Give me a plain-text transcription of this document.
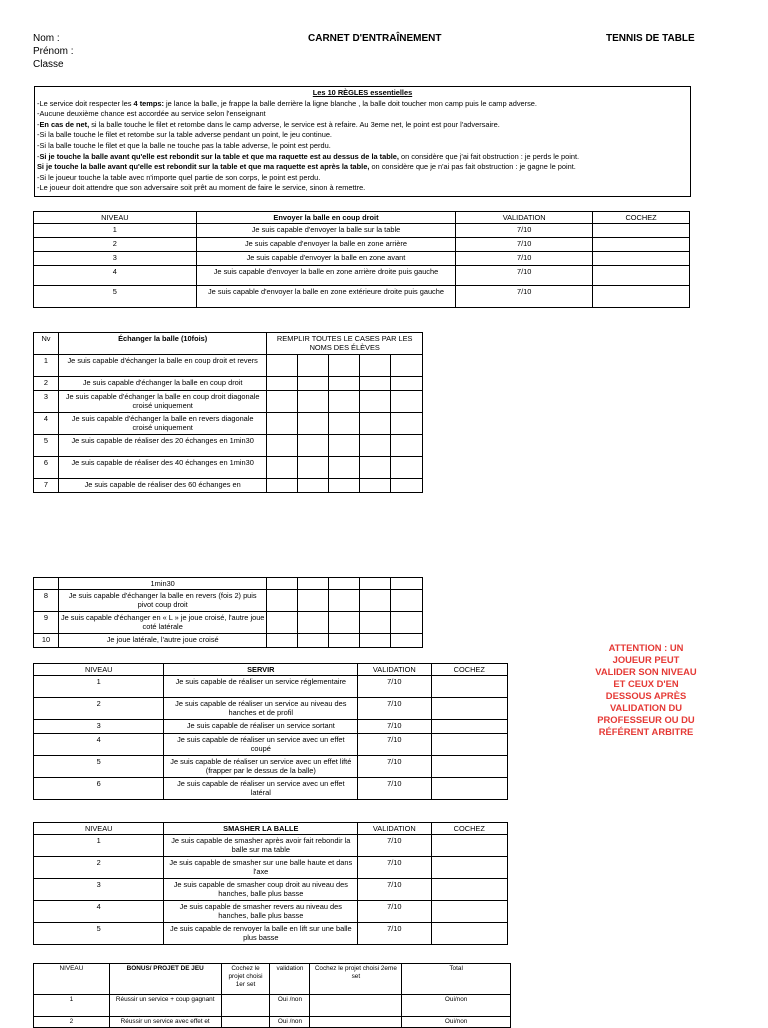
Nom :
Prénom :
Classe
CARNET D'ENTRAÎNEMENT	TENNIS DE TABLE
Les 10 RÈGLES essentielles
-Le service doit respecter les 4 temps: je lance la balle, je frappe la balle derrière la ligne blanche , la balle doit toucher mon camp puis le camp adverse.
-Aucune deuxième chance est accordée au service selon l'enseignant
-En cas de net, si la balle touche le filet et retombe dans le camp adverse, le service est à refaire. Au 3eme net, le point est pour l'adversaire.
-Si la balle touche le filet et retombe sur la table adverse pendant un point, le jeu continue.
-Si la balle touche le filet et que la balle ne touche pas la table adverse, le point est perdu.
-Si je touche la balle avant qu'elle est rebondit sur la table et que ma raquette est au dessus de la table, on considère que j'ai fait obstruction : je perds le point.
Si je touche la balle avant qu'elle est rebondit sur la table et que ma raquette est après la table, on considère que je n'ai pas fait obstruction : je gagne le point.
-Si le joueur touche la table avec n'importe quel partie de son corps, le point est perdu.
-Le joueur doit attendre que son adversaire soit prêt au moment de faire le service, sinon à remettre.
NIVEAU	Envoyer la balle en coup droit	VALIDATION	COCHEZ
1	Je suis capable d'envoyer la balle sur la table	7/10	
2	Je suis capable d'envoyer la balle en zone arrière	7/10	
3	Je suis capable d'envoyer la balle en zone avant	7/10	
4	Je suis capable d'envoyer la balle en zone arrière droite puis gauche	7/10	
5	Je suis capable d'envoyer la balle en zone extérieure droite puis gauche	7/10	
Nv	Échanger la balle (10fois)	REMPLIR TOUTES LE CASES PAR LES NOMS DES ÉLÈVES				
1	Je suis capable d'échanger la balle en coup droit et revers					
2	Je suis capable d'échanger la balle en coup droit					
3	Je suis capable d'échanger la balle en coup droit diagonale croisé uniquement					
4	Je suis capable d'échanger la balle en revers diagonale croisé uniquement					
5	Je suis capable de réaliser des 20 échanges en 1min30					
6	Je suis capable de réaliser des 40 échanges en 1min30					
7	Je suis capable de réaliser des 60 échanges en					
	1min30					
8	Je suis capable d'échanger la balle en revers (fois 2) puis pivot coup droit					
9	Je suis capable d'échanger en « L » je joue croisé, l'autre joue coté latérale					
10	Je joue latérale, l'autre joue croisé					
NIVEAU	SERVIR	VALIDATION	COCHEZ
1	Je suis capable de réaliser un service réglementaire	7/10	
2	Je suis capable de réaliser un service au niveau des hanches et de profil	7/10	
3	Je suis capable de réaliser un service sortant	7/10	
4	Je suis capable de réaliser un service avec un effet coupé	7/10	
5	Je suis capable de réaliser un service avec un effet lifté (frapper par le dessus de la balle)	7/10	
6	Je suis capable de réaliser un service avec un effet latéral	7/10	
NIVEAU	SMASHER LA BALLE	VALIDATION	COCHEZ
1	Je suis capable de smasher après avoir fait rebondir la balle sur ma table	7/10	
2	Je suis capable de smasher sur une balle haute et dans l'axe	7/10	
3	Je suis capable de smasher coup droit au niveau des hanches, balle plus basse	7/10	
4	Je suis capable de smasher revers au niveau des hanches, balle plus basse	7/10	
5	Je suis capable de renvoyer la balle en lift sur une balle plus basse	7/10	
NIVEAU	BONUS/ PROJET DE JEU	Cochez le projet choisi 1er set	validation	Cochez le projet choisi 2eme set	Total
1	Réussir un service + coup gagnant		Oui /non		Oui/non
2	Réussir un service avec effet et		Oui /non		Oui/non
ATTENTION : UN JOUEUR PEUT VALIDER SON NIVEAU ET CEUX D'EN DESSOUS APRÈS VALIDATION DU PROFESSEUR OU DU RÉFÉRENT ARBITRE
